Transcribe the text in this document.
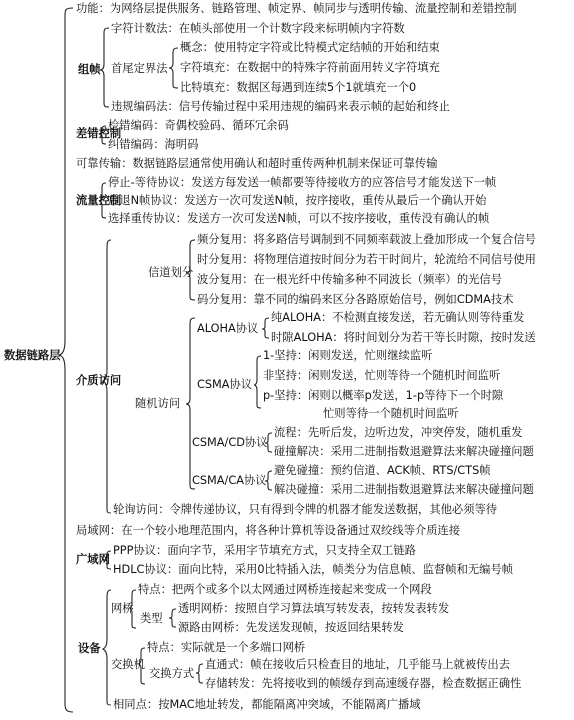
数据链路层
功能：为网络层提供服务、链路管理、帧定界、帧同步与透明传输、流量控制和差错控制
组帧
字符计数法：在帧头部使用一个计数字段来标明帧内字符数
首尾定界法
概念：使用特定字符或比特模式定结帧的开始和结束
字符填充：在数据中的特殊字符前面用转义字符填充
比特填充：数据区每遇到连续5个1就填充一个0
违规编码法：信号传输过程中采用违规的编码来表示帧的起始和终止
差错控制
检错编码：奇偶校验码、循环冗余码
纠错编码：海明码
可靠传输：数据链路层通常使用确认和超时重传两种机制来保证可靠传输
流量控制
停止-等待协议：发送方每发送一帧都要等待接收方的应答信号才能发送下一帧
后退N帧协议：发送方一次可发送N帧，按序接收，重传从最后一个确认开始
选择重传协议：发送方一次可发送N帧，可以不按序接收，重传没有确认的帧
介质访问
信道划分
频分复用：将多路信号调制到不同频率载波上叠加形成一个复合信号
时分复用：将物理信道按时间分为若干时间片，轮流给不同信号使用
波分复用：在一根光纤中传输多种不同波长（频率）的光信号
码分复用：靠不同的编码来区分各路原始信号，例如CDMA技术
随机访问
ALOHA协议
纯ALOHA：不检测直接发送，若无确认则等待重发
时隙ALOHA：将时间划分为若干等长时隙，按时发送
CSMA协议
1-坚持：闲则发送，忙则继续监听
非坚持：闲则发送，忙则等待一个随机时间监听
p-坚持：闲则以概率p发送，1-p等待下一个时隙
忙则等待一个随机时间监听
CSMA/CD协议
流程：先听后发，边听边发，冲突停发，随机重发
碰撞解决：采用二进制指数退避算法来解决碰撞问题
CSMA/CA协议
避免碰撞：预约信道、ACK帧、RTS/CTS帧
解决碰撞：采用二进制指数退避算法来解决碰撞问题
轮询访问：令牌传递协议，只有得到令牌的机器才能发送数据，其他必须等待
局域网：在一个较小地理范围内，将各种计算机等设备通过双绞线等介质连接
广域网
PPP协议：面向字节，采用字节填充方式，只支持全双工链路
HDLC协议：面向比特，采用0比特插入法，帧类分为信息帧、监督帧和无编号帧
设备
网桥
特点：把两个或多个以太网通过网桥连接起来变成一个网段
类型
透明网桥：按照自学习算法填写转发表，按转发表转发
源路由网桥：先发送发现帧，按返回结果转发
交换机
特点：实际就是一个多端口网桥
交换方式
直通式：帧在接收后只检查目的地址，几乎能马上就被传出去
存储转发：先将接收到的帧缓存到高速缓存器，检查数据正确性
相同点：按MAC地址转发，都能隔离冲突域，不能隔离广播域
